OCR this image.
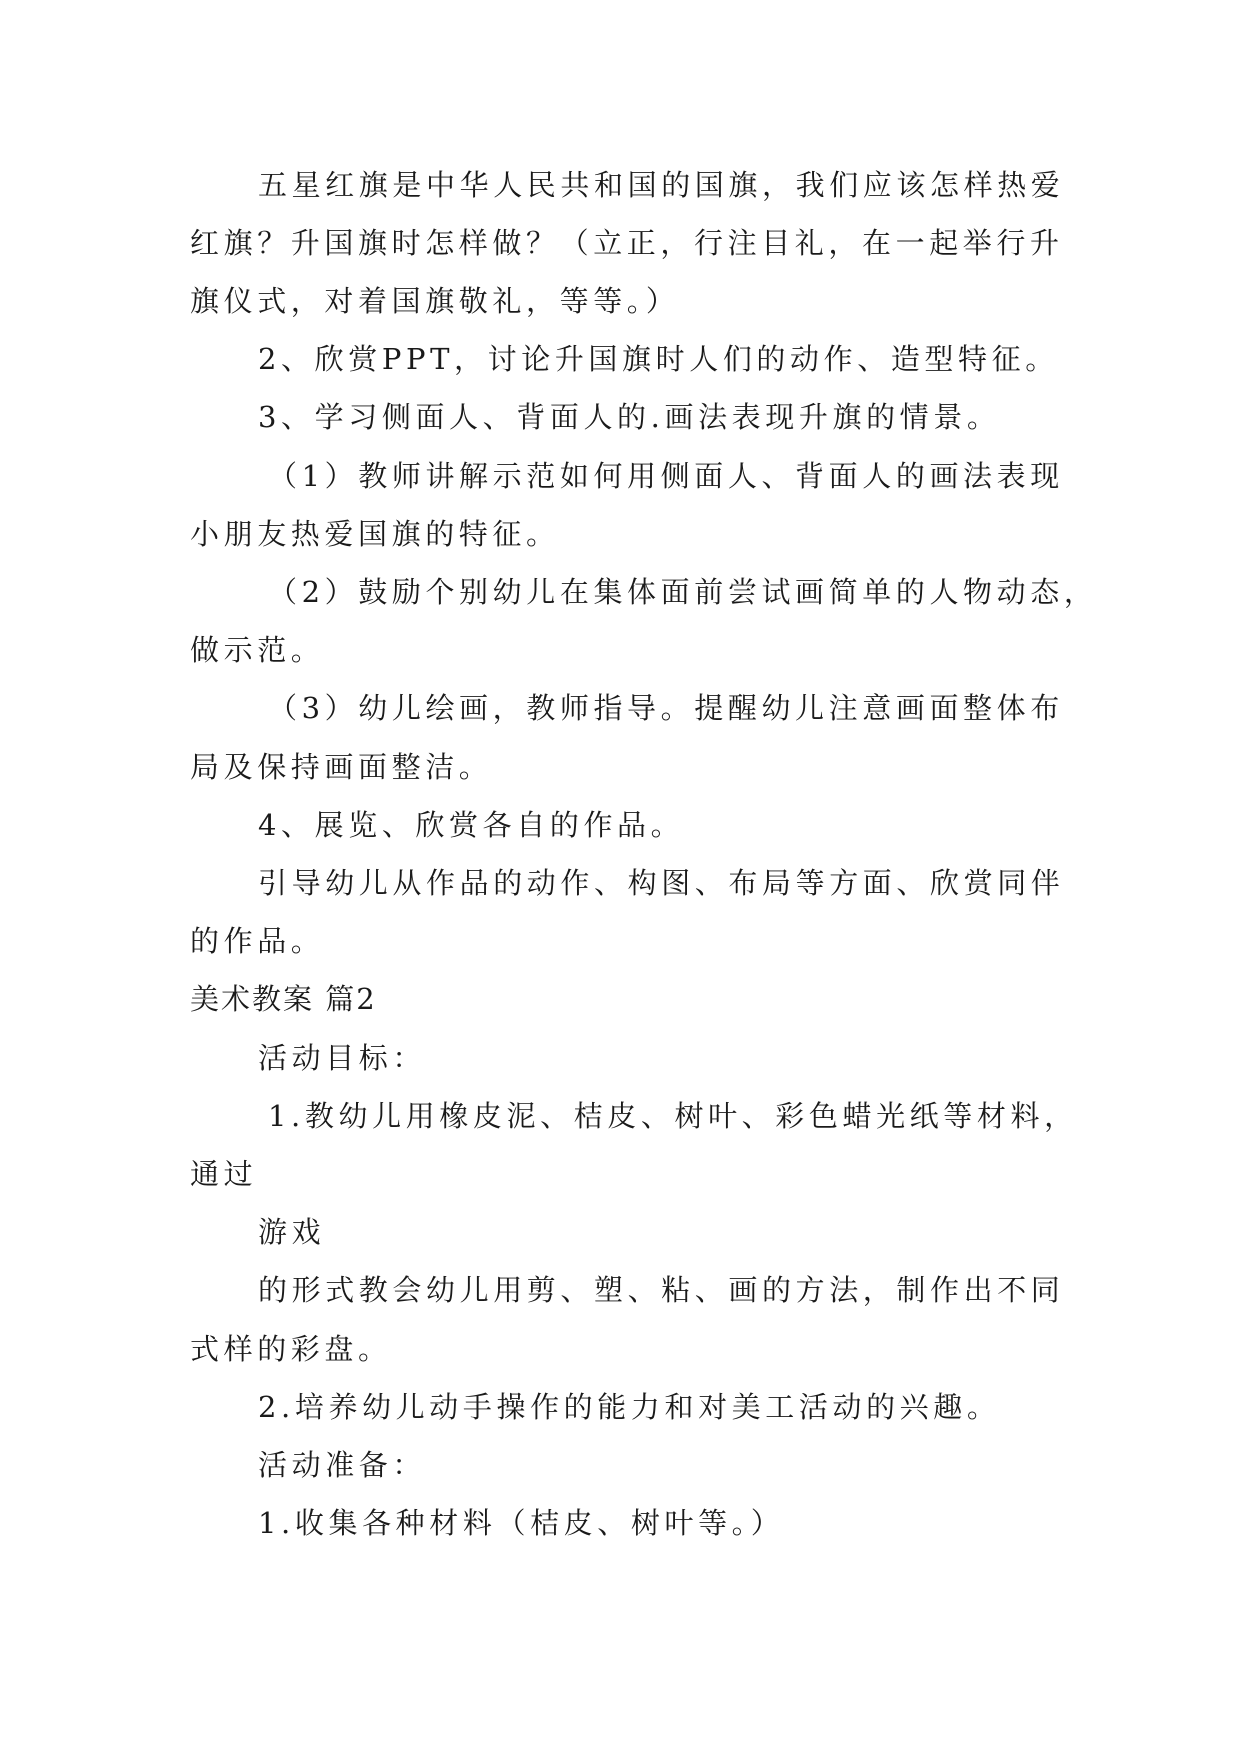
五星红旗是中华人民共和国的国旗，我们应该怎样热爱
红旗？升国旗时怎样做？（立正，行注目礼，在一起举行升
旗仪式，对着国旗敬礼，等等。）
2、欣赏PPT，讨论升国旗时人们的动作、造型特征。
3、学习侧面人、背面人的.画法表现升旗的情景。
（1）教师讲解示范如何用侧面人、背面人的画法表现
小朋友热爱国旗的特征。
（2）鼓励个别幼儿在集体面前尝试画简单的人物动态，
做示范。
（3）幼儿绘画，教师指导。提醒幼儿注意画面整体布
局及保持画面整洁。
4、展览、欣赏各自的作品。
引导幼儿从作品的动作、构图、布局等方面、欣赏同伴
的作品。
美术教案 篇2
活动目标：
1.教幼儿用橡皮泥、桔皮、树叶、彩色蜡光纸等材料，
通过
游戏
的形式教会幼儿用剪、塑、粘、画的方法，制作出不同
式样的彩盘。
2.培养幼儿动手操作的能力和对美工活动的兴趣。
活动准备：
1.收集各种材料（桔皮、树叶等。）
